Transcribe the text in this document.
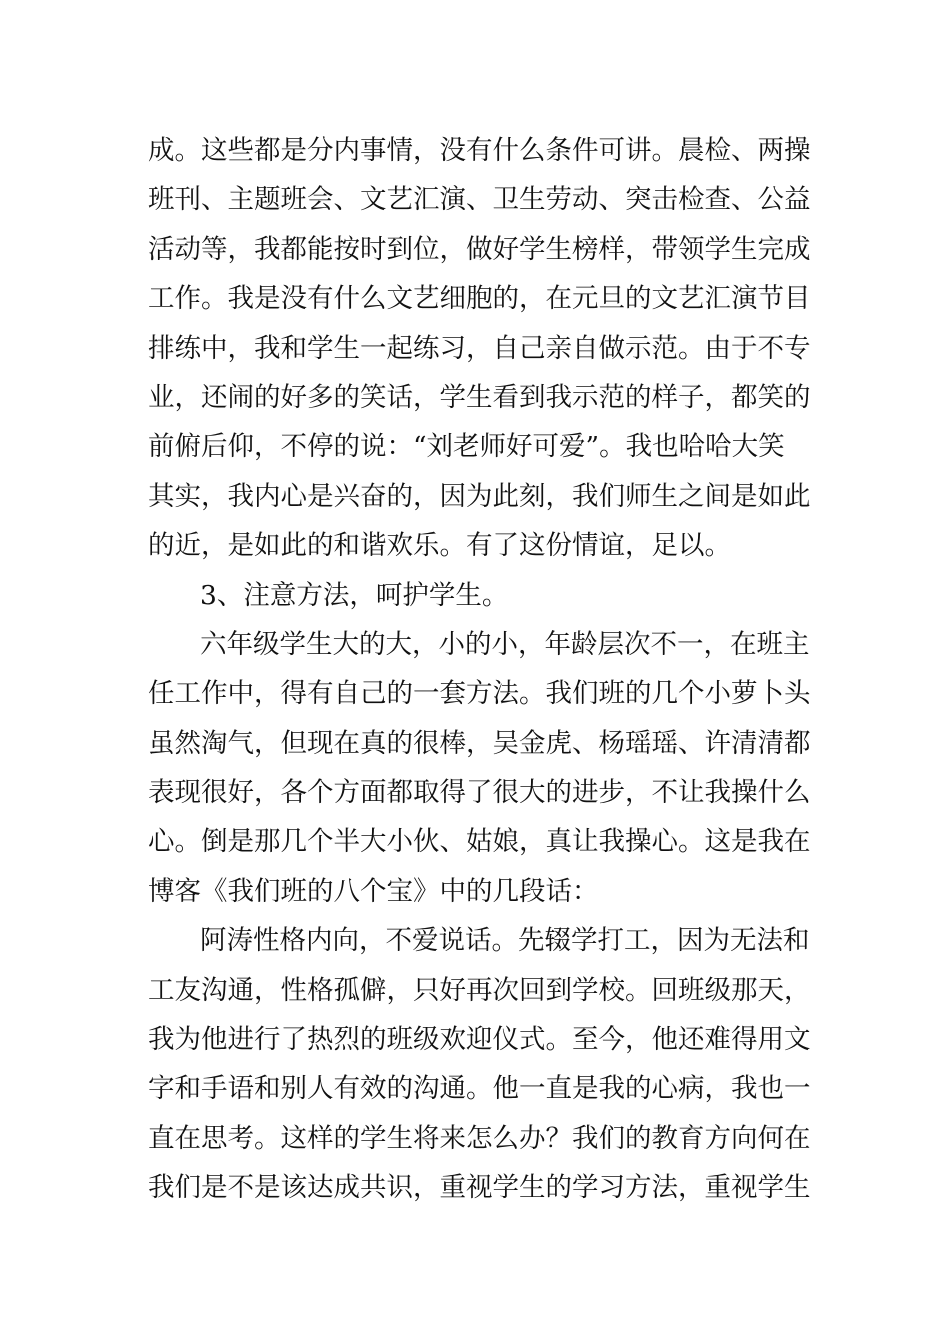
成。这些都是分内事情，没有什么条件可讲。晨检、两操
班刊、主题班会、文艺汇演、卫生劳动、突击检查、公益
活动等，我都能按时到位，做好学生榜样，带领学生完成
工作。我是没有什么文艺细胞的，在元旦的文艺汇演节目
排练中，我和学生一起练习，自己亲自做示范。由于不专
业，还闹的好多的笑话，学生看到我示范的样子，都笑的
前俯后仰，不停的说：“刘老师好可爱”。我也哈哈大笑
其实，我内心是兴奋的，因为此刻，我们师生之间是如此
的近，是如此的和谐欢乐。有了这份情谊，足以。
3、注意方法，呵护学生。
六年级学生大的大，小的小，年龄层次不一，在班主
任工作中，得有自己的一套方法。我们班的几个小萝卜头
虽然淘气，但现在真的很棒，吴金虎、杨瑶瑶、许清清都
表现很好，各个方面都取得了很大的进步，不让我操什么
心。倒是那几个半大小伙、姑娘，真让我操心。这是我在
博客《我们班的八个宝》中的几段话：
阿涛性格内向，不爱说话。先辍学打工，因为无法和
工友沟通，性格孤僻，只好再次回到学校。回班级那天，
我为他进行了热烈的班级欢迎仪式。至今，他还难得用文
字和手语和别人有效的沟通。他一直是我的心病，我也一
直在思考。这样的学生将来怎么办？我们的教育方向何在
我们是不是该达成共识，重视学生的学习方法，重视学生
